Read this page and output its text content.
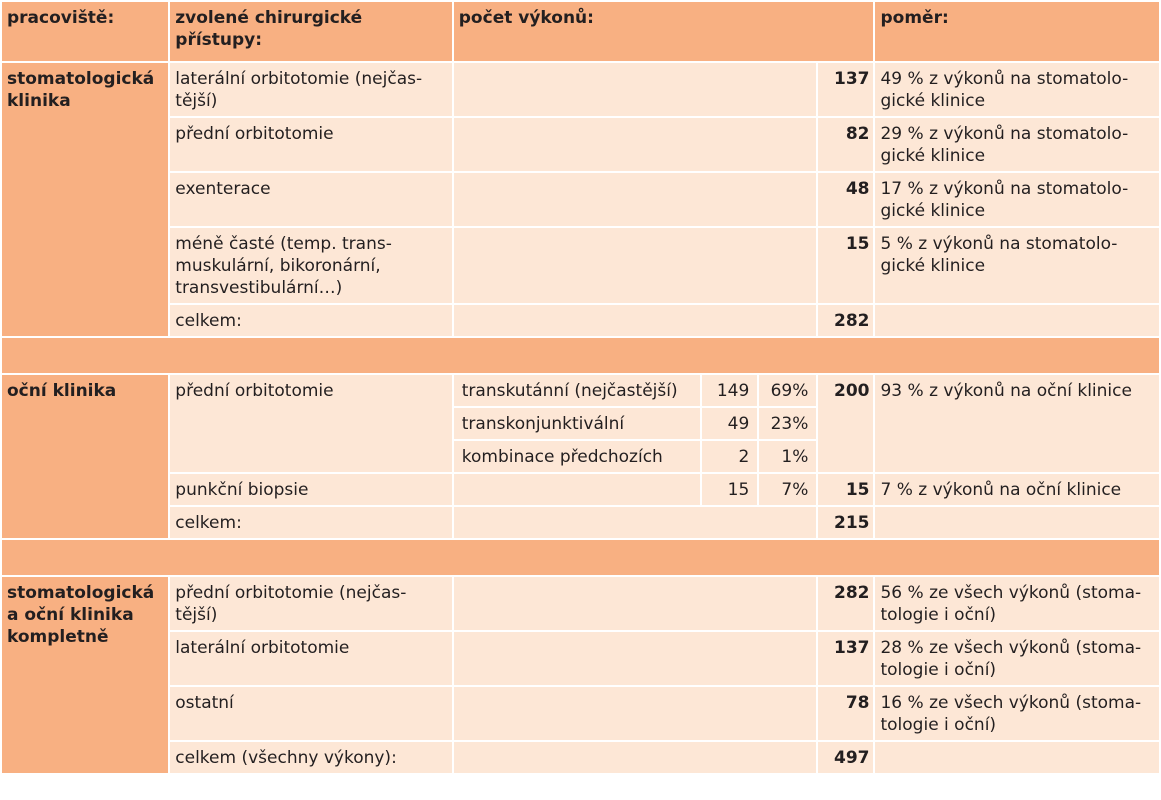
pracoviště:	zvolené chirurgické přístupy:	počet výkonů:				poměr:
stomatologická klinika	laterální orbitotomie (nejčas-tější)				137	49 % z výkonů na stomatolo-gické klinice
	přední orbitotomie				82	29 % z výkonů na stomatolo-gické klinice
	exenterace				48	17 % z výkonů na stomatolo-gické klinice
	méně časté (temp. trans-muskulární, bikoronární, transvestibulární…)				15	5 % z výkonů na stomatolo-gické klinice
	celkem:				282	

oční klinika	přední orbitotomie	transkutánní (nejčastější)	149	69%	200	93 % z výkonů na oční klinice
		transkonjunktivální	49	23%		
		kombinace předchozích	2	1%		
	punkční biopsie		15	7%	15	7 % z výkonů na oční klinice
	celkem:				215	

stomatologická a oční klinika kompletně	přední orbitotomie (nejčas-tější)				282	56 % ze všech výkonů (stoma-tologie i oční)
	laterální orbitotomie				137	28 % ze všech výkonů (stoma-tologie i oční)
	ostatní				78	16 % ze všech výkonů (stoma-tologie i oční)
	celkem (všechny výkony):				497	
